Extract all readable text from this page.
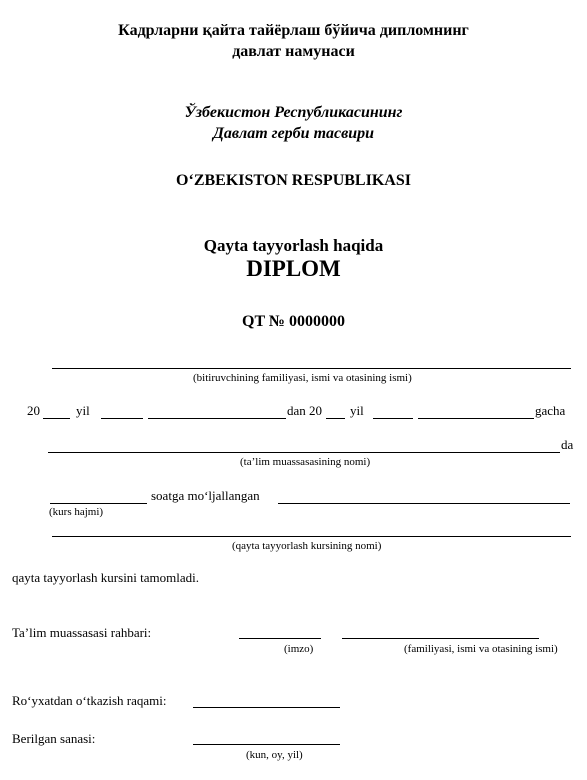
Кадрларни қайта тайёрлаш бўйича дипломнинг
давлат намунаси
Ўзбекистон Республикасининг
Давлат герби тасвири
O‘ZBEKISTON RESPUBLIKASI
Qayta tayyorlash haqida
DIPLOM
QT № 0000000
(bitiruvchining familiyasi, ismi va otasining ismi)
20	yil	dan 20 yil	gacha
da
(ta’lim muassasasining nomi)
soatga mo‘ljallangan
(kurs hajmi)
(qayta tayyorlash kursining nomi)
qayta tayyorlash kursini tamomladi.
Ta’lim muassasasi rahbari:
(imzo)	(familiyasi, ismi va otasining ismi)
Ro‘yxatdan o‘tkazish raqami:
Berilgan sanasi:
(kun, oy, yil)
